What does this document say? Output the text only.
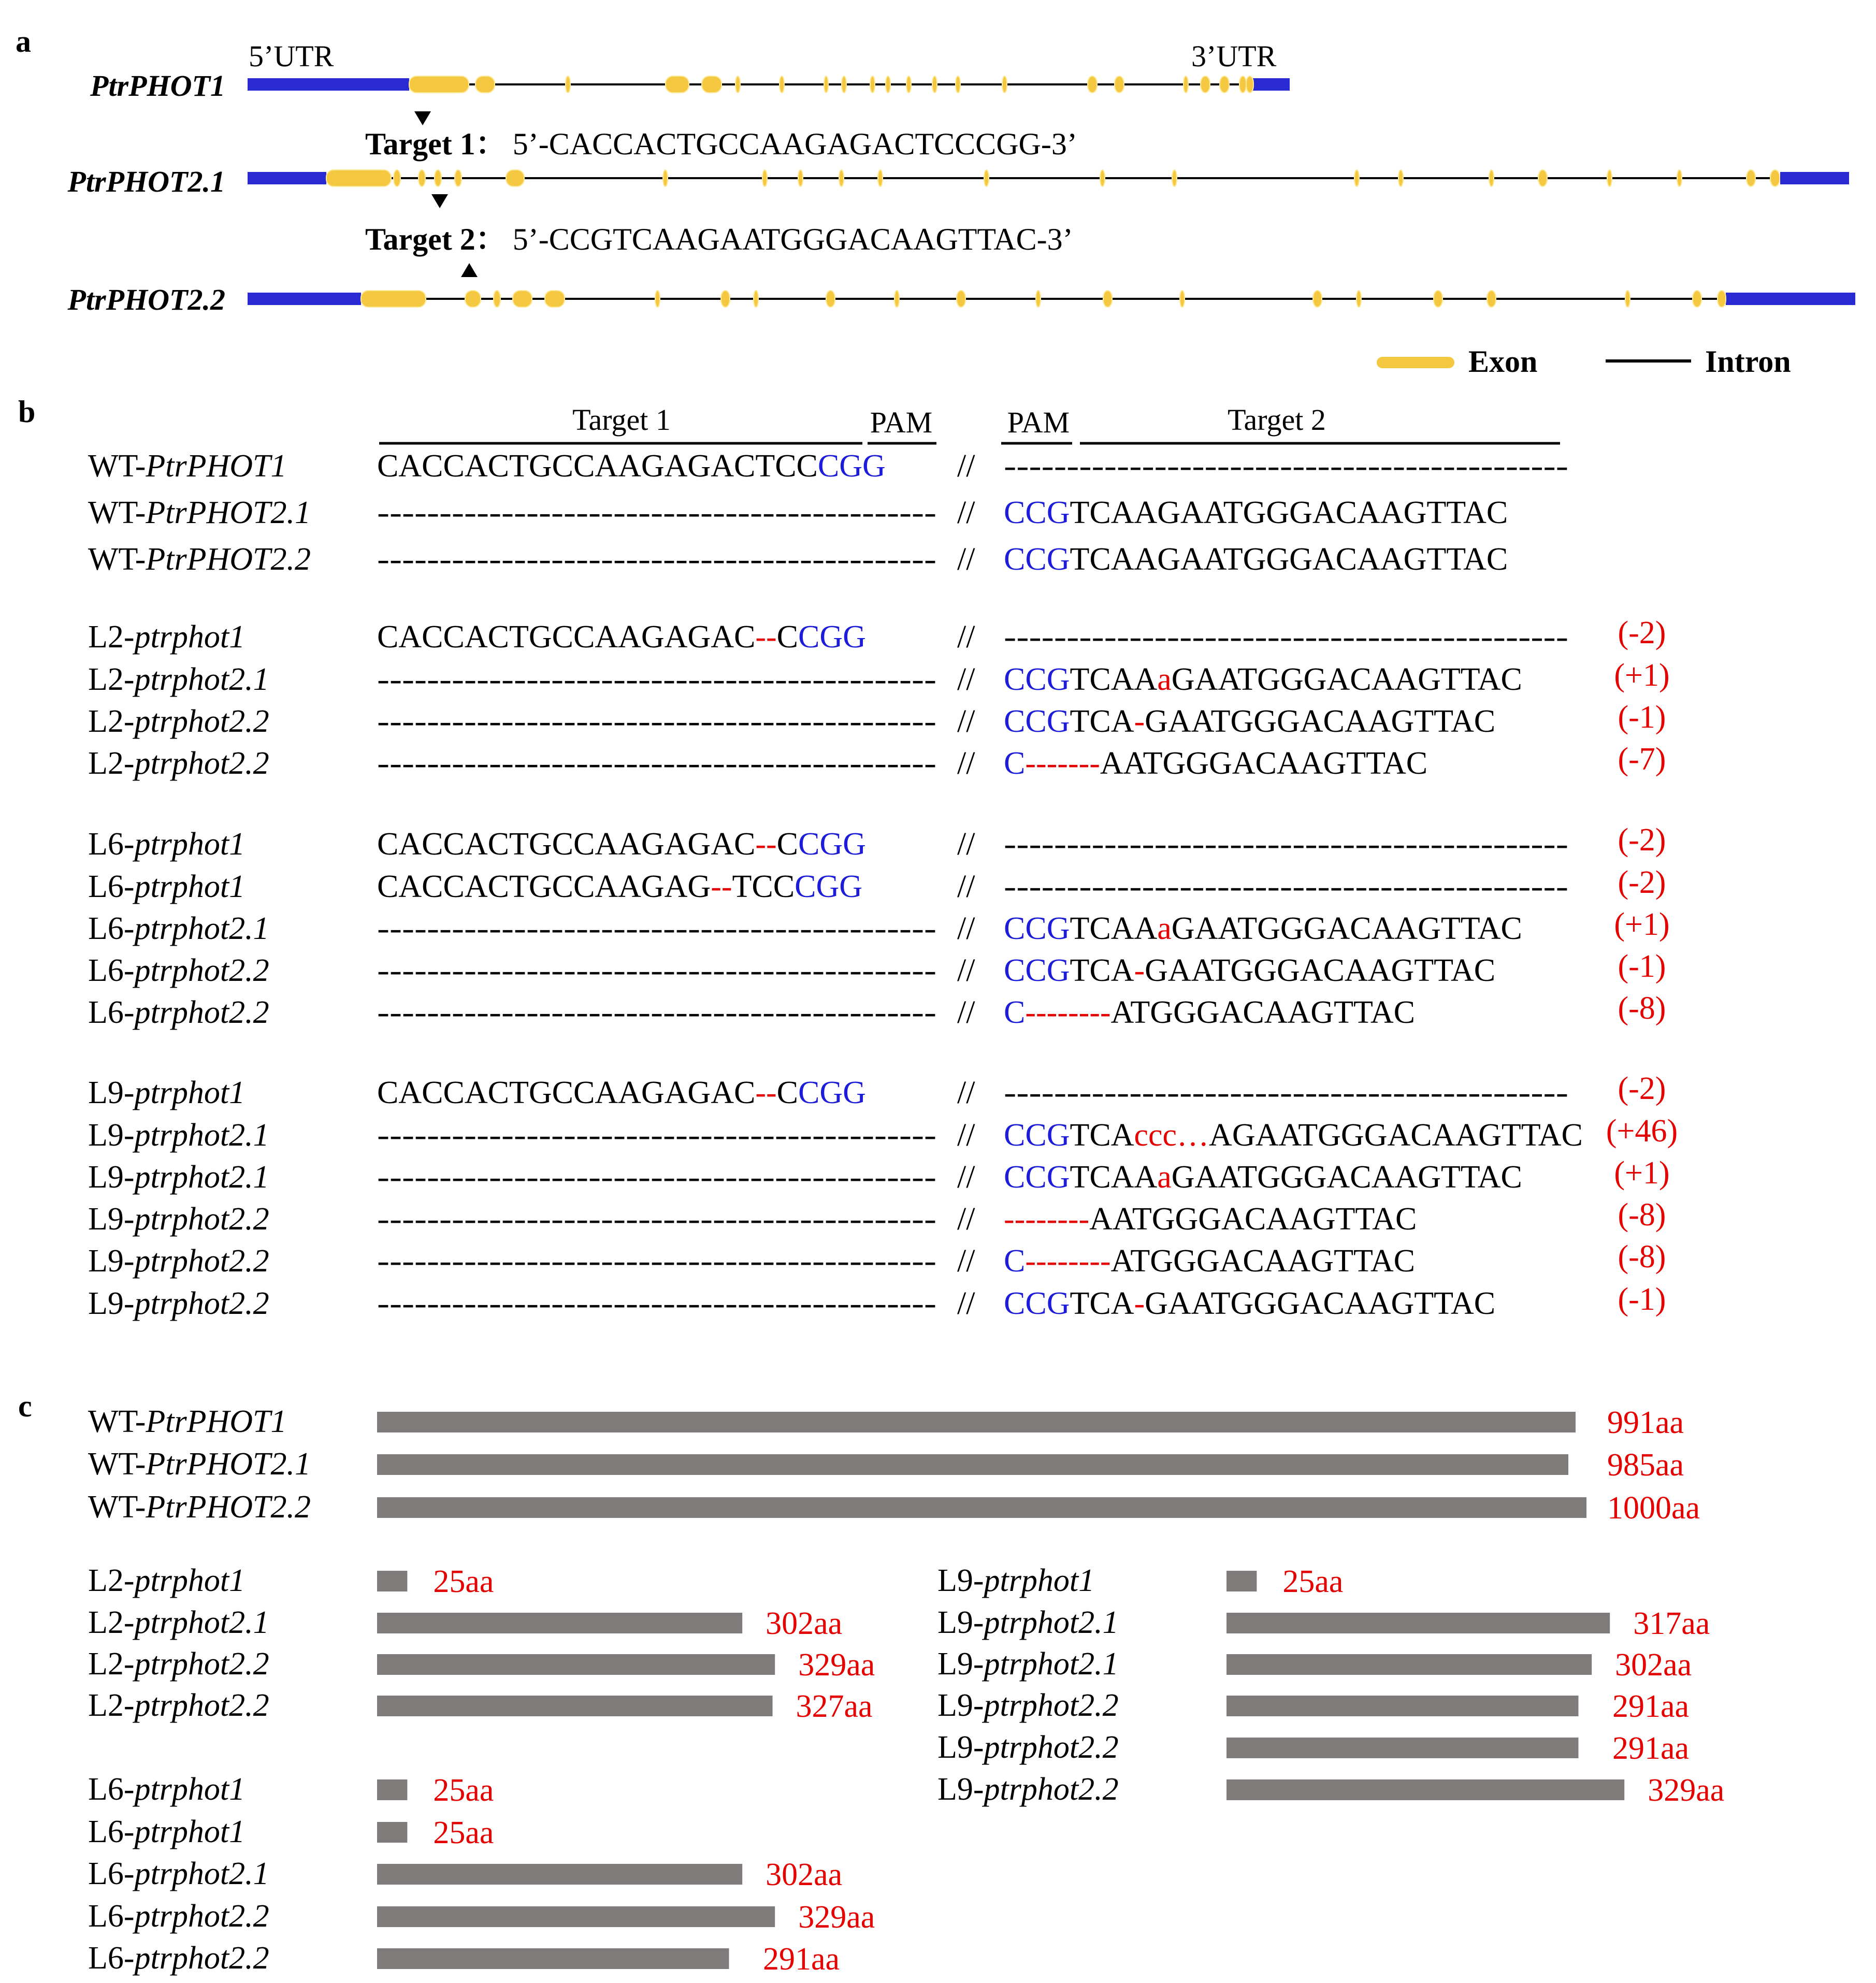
a	5’UTR	3’UTR
PtrPHOT1
Target 1： 5’-CACCACTGCCAAGAGACTCCCGG-3’
PtrPHOT2.1
Target 2： 5’-CCGTCAAGAATGGGACAAGTTAC-3’
PtrPHOT2.2
Exon	Intron
b	Target 1	PAM PAM	Target 2
WT-PtrPHOT1	CACCACTGCCAAGAGACTCCCGG // ---------------------------------------------
WT-PtrPHOT2.1 --------------------------------------------- // CCGTCAAGAATGGGACAAGTTAC
WT-PtrPHOT2.2 --------------------------------------------- // CCGTCAAGAATGGGACAAGTTAC
L2-ptrphot1	CACCACTGCCAAGAGAC--CCGG	// --------------------------------------------- (-2)
L2-ptrphot2.1	--------------------------------------------- // CCGTCAAaGAATGGGACAAGTTAC	(+1)
L2-ptrphot2.2	--------------------------------------------- // CCGTCA-GAATGGGACAAGTTAC	(-1)
L2-ptrphot2.2	--------------------------------------------- // C-------AATGGGACAAGTTAC	(-7)
L6-ptrphot1	CACCACTGCCAAGAGAC--CCGG	// --------------------------------------------- (-2)
L6-ptrphot1	CACCACTGCCAAGAG--TCCCGG	// --------------------------------------------- (-2)
L6-ptrphot2.1	--------------------------------------------- // CCGTCAAaGAATGGGACAAGTTAC	(+1)
L6-ptrphot2.2	--------------------------------------------- // CCGTCA-GAATGGGACAAGTTAC	(-1)
L6-ptrphot2.2	--------------------------------------------- // C--------ATGGGACAAGTTAC	(-8)
L9-ptrphot1	CACCACTGCCAAGAGAC--CCGG	// --------------------------------------------- (-2)
L9-ptrphot2.1	--------------------------------------------- // CCGTCAccc…AGAATGGGACAAGTTAC (+46)
L9-ptrphot2.1	--------------------------------------------- // CCGTCAAaGAATGGGACAAGTTAC	(+1)
L9-ptrphot2.2	--------------------------------------------- // --------AATGGGACAAGTTAC	(-8)
L9-ptrphot2.2	--------------------------------------------- // C--------ATGGGACAAGTTAC	(-8)
L9-ptrphot2.2	--------------------------------------------- // CCGTCA-GAATGGGACAAGTTAC	(-1)
c WT-PtrPHOT1	991aa
WT-PtrPHOT2.1	985aa
WT-PtrPHOT2.2	1000aa
L2-ptrphot1	25aa
L2-ptrphot2.1	302aa
L2-ptrphot2.2	329aa
L2-ptrphot2.2	327aa
L6-ptrphot1	25aa
L6-ptrphot1	25aa
L6-ptrphot2.1	302aa
L6-ptrphot2.2	329aa
L6-ptrphot2.2	291aa
L9-ptrphot1	25aa
L9-ptrphot2.1	317aa
L9-ptrphot2.1	302aa
L9-ptrphot2.2	291aa
L9-ptrphot2.2	291aa
L9-ptrphot2.2	329aa
